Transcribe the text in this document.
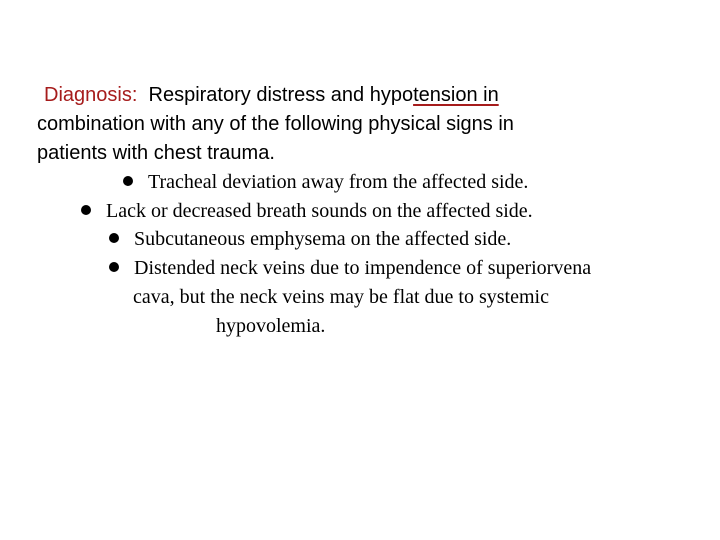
Diagnosis: Respiratory distress and hypotension in

combination with any of the following physical signs in

patients with chest trauma.

Tracheal deviation away from the affected side.

Lack or decreased breath sounds on the affected side.

Subcutaneous emphysema on the affected side.

Distended neck veins due to impendence of superiorvena

cava, but the neck veins may be flat due to systemic

hypovolemia.
